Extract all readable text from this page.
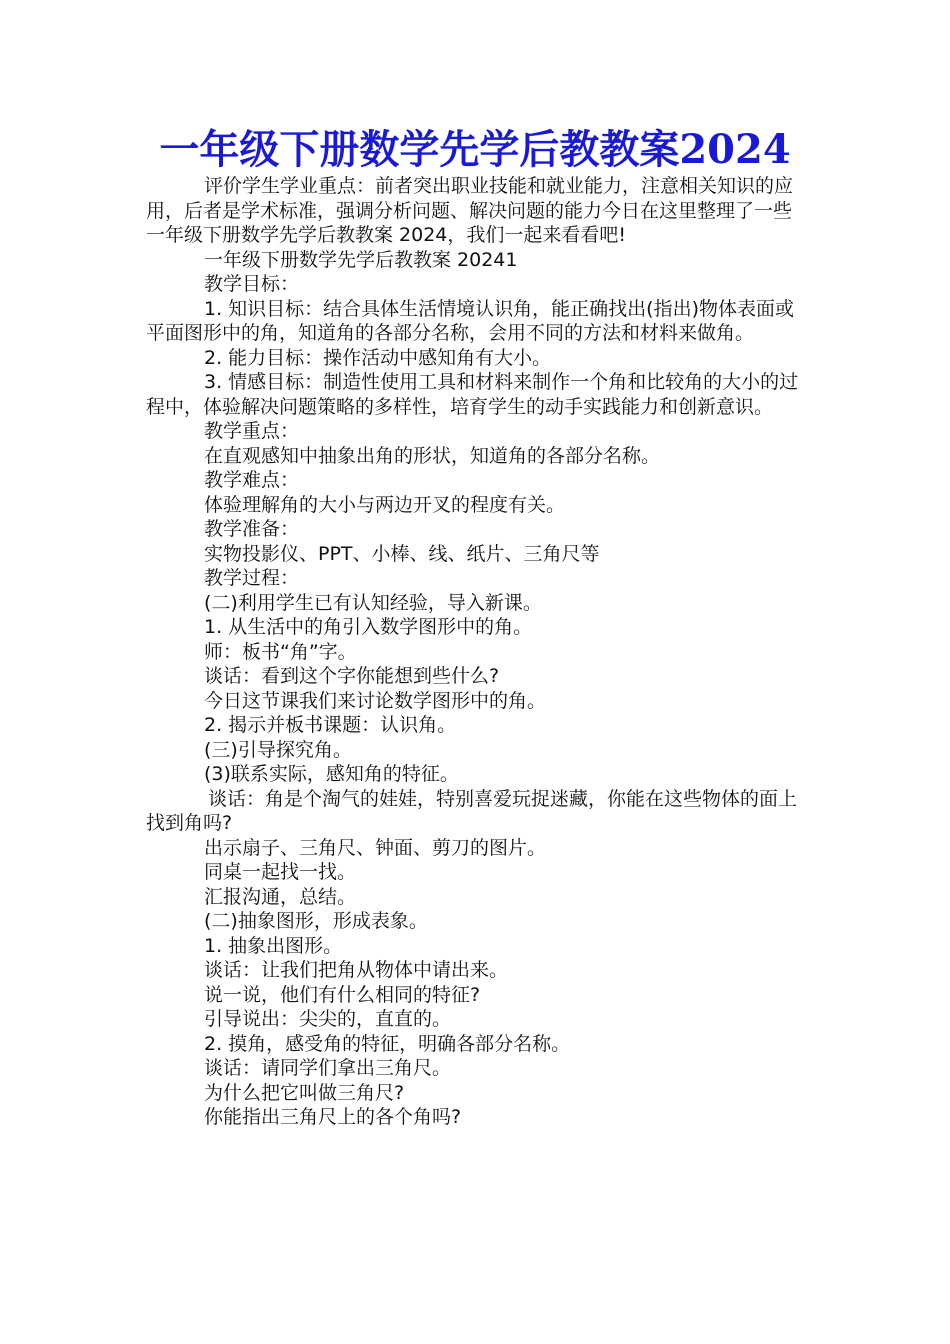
一年级下册数学先学后教教案2024

评价学生学业重点：前者突出职业技能和就业能力，注意相关知识的应用，后者是学术标准，强调分析问题、解决问题的能力今日在这里整理了一些一年级下册数学先学后教教案 2024，我们一起来看看吧!

一年级下册数学先学后教教案 20241

教学目标：

1. 知识目标：结合具体生活情境认识角，能正确找出(指出)物体表面或平面图形中的角，知道角的各部分名称，会用不同的方法和材料来做角。

2. 能力目标：操作活动中感知角有大小。

3. 情感目标：制造性使用工具和材料来制作一个角和比较角的大小的过程中，体验解决问题策略的多样性，培育学生的动手实践能力和创新意识。

教学重点：

在直观感知中抽象出角的形状，知道角的各部分名称。

教学难点：

体验理解角的大小与两边开叉的程度有关。

教学准备：

实物投影仪、PPT、小棒、线、纸片、三角尺等

教学过程：

(二)利用学生已有认知经验，导入新课。

1. 从生活中的角引入数学图形中的角。

师：板书“角”字。

谈话：看到这个字你能想到些什么?

今日这节课我们来讨论数学图形中的角。

2. 揭示并板书课题：认识角。

(三)引导探究角。

(3)联系实际，感知角的特征。

谈话：角是个淘气的娃娃，特别喜爱玩捉迷藏，你能在这些物体的面上找到角吗?

出示扇子、三角尺、钟面、剪刀的图片。

同桌一起找一找。

汇报沟通，总结。

(二)抽象图形，形成表象。

1. 抽象出图形。

谈话：让我们把角从物体中请出来。

说一说，他们有什么相同的特征?

引导说出：尖尖的，直直的。

2. 摸角，感受角的特征，明确各部分名称。

谈话：请同学们拿出三角尺。

为什么把它叫做三角尺?

你能指出三角尺上的各个角吗?
